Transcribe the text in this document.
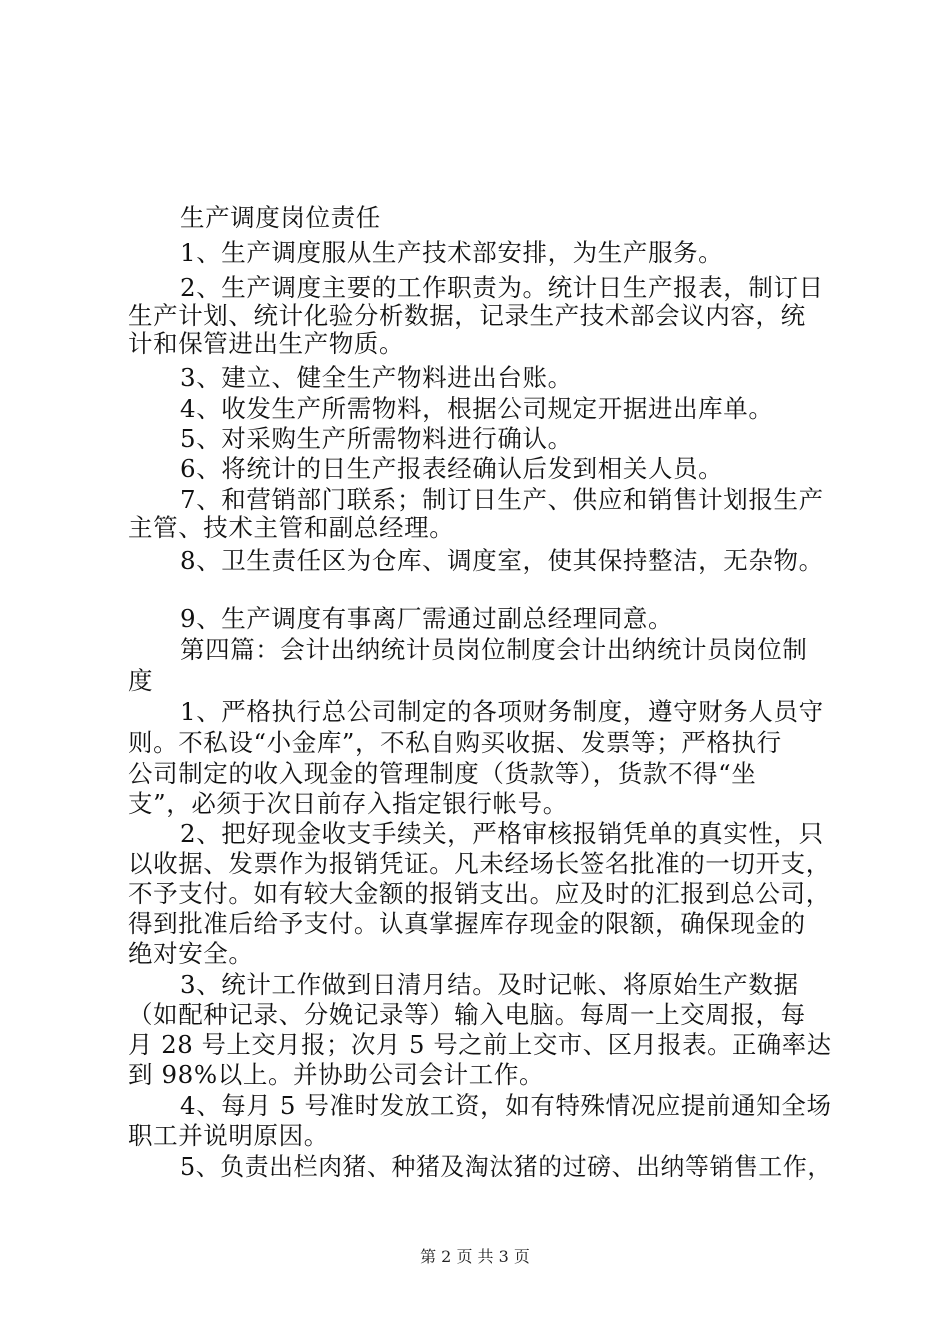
生产调度岗位责任
1、生产调度服从生产技术部安排，为生产服务。
2、生产调度主要的工作职责为。统计日生产报表，制订日
生产计划、统计化验分析数据，记录生产技术部会议内容，统
计和保管进出生产物质。
3、建立、健全生产物料进出台账。
4、收发生产所需物料，根据公司规定开据进出库单。
5、对采购生产所需物料进行确认。
6、将统计的日生产报表经确认后发到相关人员。
7、和营销部门联系；制订日生产、供应和销售计划报生产
主管、技术主管和副总经理。
8、卫生责任区为仓库、调度室，使其保持整洁，无杂物。
9、生产调度有事离厂需通过副总经理同意。
第四篇：会计出纳统计员岗位制度会计出纳统计员岗位制
度
1、严格执行总公司制定的各项财务制度，遵守财务人员守
则。不私设“小金库”，不私自购买收据、发票等；严格执行
公司制定的收入现金的管理制度（货款等），货款不得“坐
支”，必须于次日前存入指定银行帐号。
2、把好现金收支手续关，严格审核报销凭单的真实性，只
以收据、发票作为报销凭证。凡未经场长签名批准的一切开支，
不予支付。如有较大金额的报销支出。应及时的汇报到总公司，
得到批准后给予支付。认真掌握库存现金的限额，确保现金的
绝对安全。
3、统计工作做到日清月结。及时记帐、将原始生产数据
（如配种记录、分娩记录等）输入电脑。每周一上交周报，每
月 28 号上交月报；次月 5 号之前上交市、区月报表。正确率达
到 98%以上。并协助公司会计工作。
4、每月 5 号准时发放工资，如有特殊情况应提前通知全场
职工并说明原因。
5、负责出栏肉猪、种猪及淘汰猪的过磅、出纳等销售工作，
第 2 页 共 3 页
